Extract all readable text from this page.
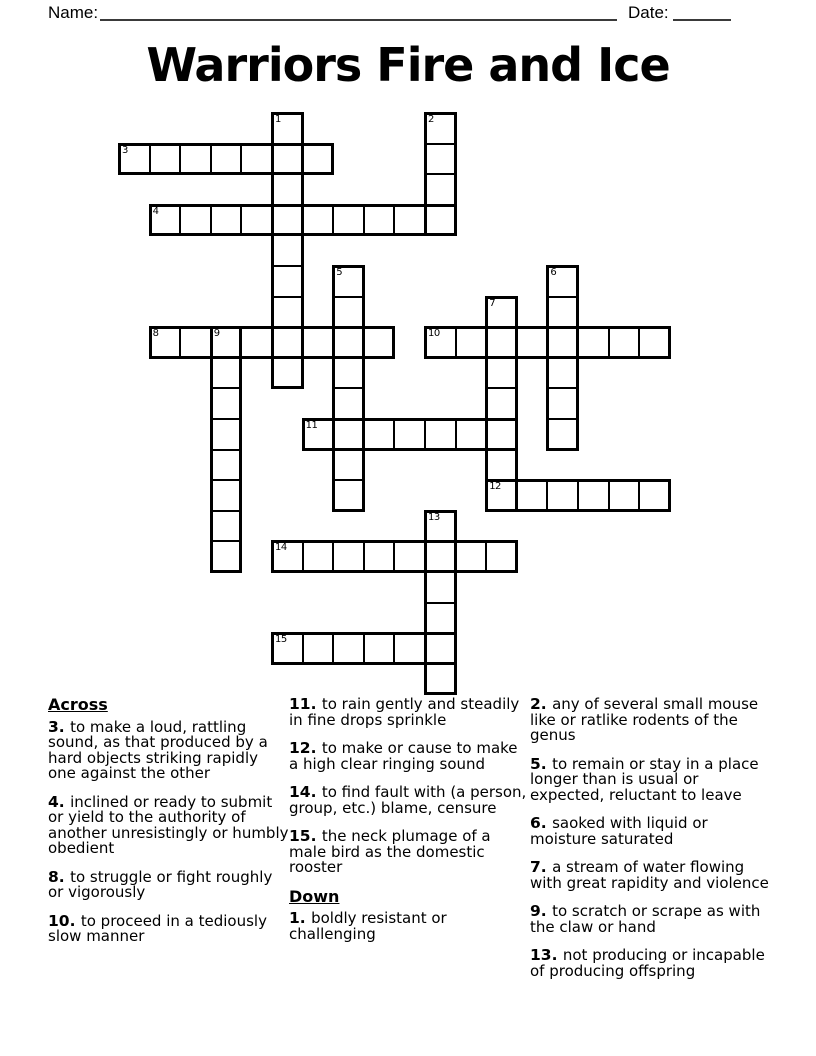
Name:	Date:
Warriors Fire and Ice
1	2
3
4
5	6
7
12
8	9	10
11
13
14
15
Across
3. to make a loud, rattling sound, as that produced by a hard objects striking rapidly one against the other
4. inclined or ready to submit or yield to the authority of another unresistingly or humbly obedient
8. to struggle or fight roughly or vigorously
10. to proceed in a tediously slow manner
11. to rain gently and steadily in fine drops sprinkle
12. to make or cause to make a high clear ringing sound
14. to find fault with (a person, group, etc.) blame, censure
15. the neck plumage of a male bird as the domestic rooster
Down
1. boldly resistant or challenging
2. any of several small mouse like or ratlike rodents of the genus
5. to remain or stay in a place longer than is usual or expected, reluctant to leave
6. saoked with liquid or moisture saturated
7. a stream of water flowing with great rapidity and violence
9. to scratch or scrape as with the claw or hand
13. not producing or incapable of producing offspring
